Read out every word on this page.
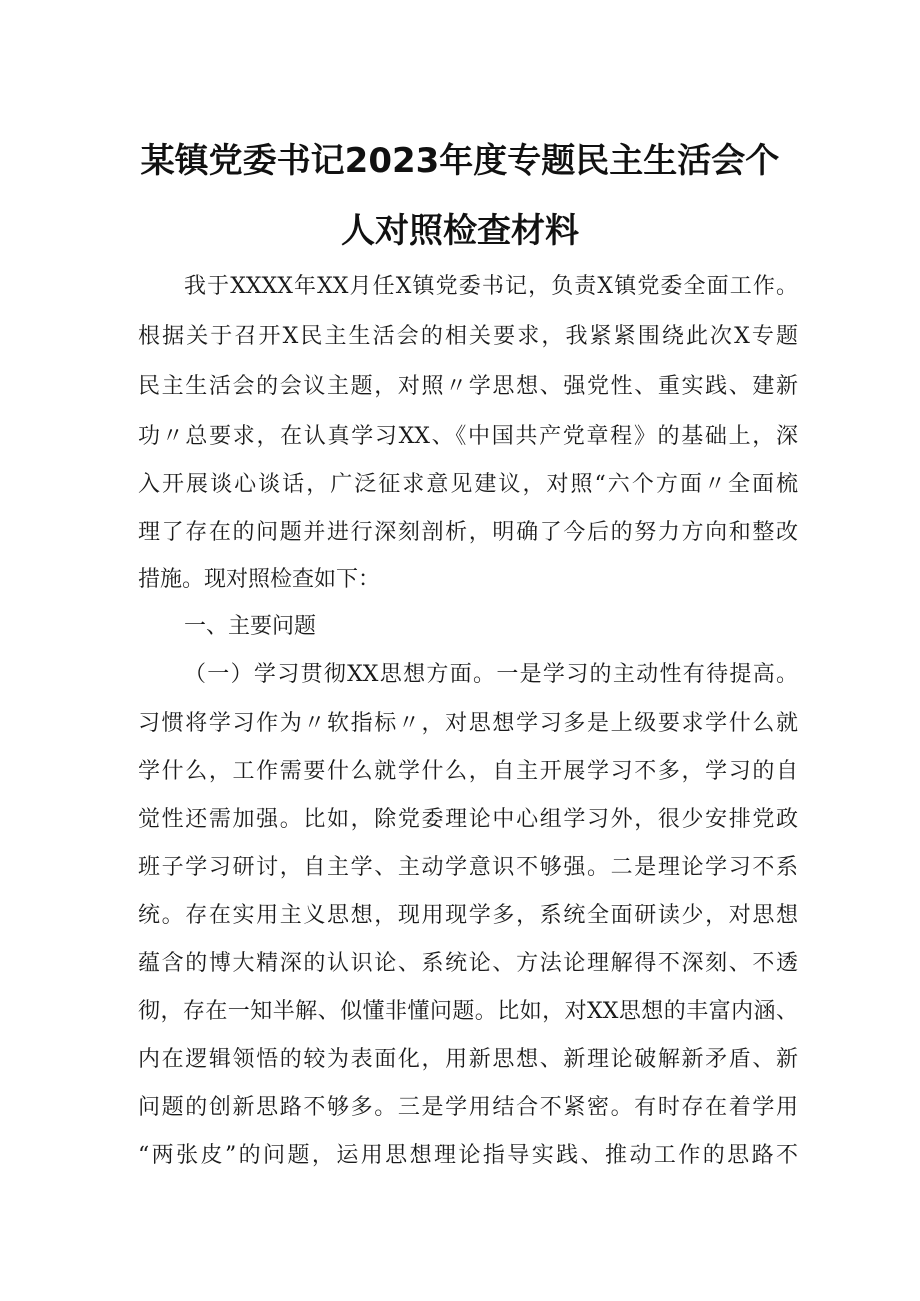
某镇党委书记2023年度专题民主生活会个
人对照检查材料
我于XXXX年XX月任X镇党委书记，负责X镇党委全面工作。
根据关于召开X民主生活会的相关要求，我紧紧围绕此次X专题
民主生活会的会议主题，对照〃学思想、强党性、重实践、建新
功〃总要求，在认真学习XX、《中国共产党章程》的基础上，深
入开展谈心谈话，广泛征求意见建议，对照“六个方面〃全面梳
理了存在的问题并进行深刻剖析，明确了今后的努力方向和整改
措施。现对照检查如下：
一、主要问题
（一）学习贯彻XX思想方面。一是学习的主动性有待提高。
习惯将学习作为〃软指标〃，对思想学习多是上级要求学什么就
学什么，工作需要什么就学什么，自主开展学习不多，学习的自
觉性还需加强。比如，除党委理论中心组学习外，很少安排党政
班子学习研讨，自主学、主动学意识不够强。二是理论学习不系
统。存在实用主义思想，现用现学多，系统全面研读少，对思想
蕴含的博大精深的认识论、系统论、方法论理解得不深刻、不透
彻，存在一知半解、似懂非懂问题。比如，对XX思想的丰富内涵、
内在逻辑领悟的较为表面化，用新思想、新理论破解新矛盾、新
问题的创新思路不够多。三是学用结合不紧密。有时存在着学用
“两张皮”的问题，运用思想理论指导实践、推动工作的思路不
